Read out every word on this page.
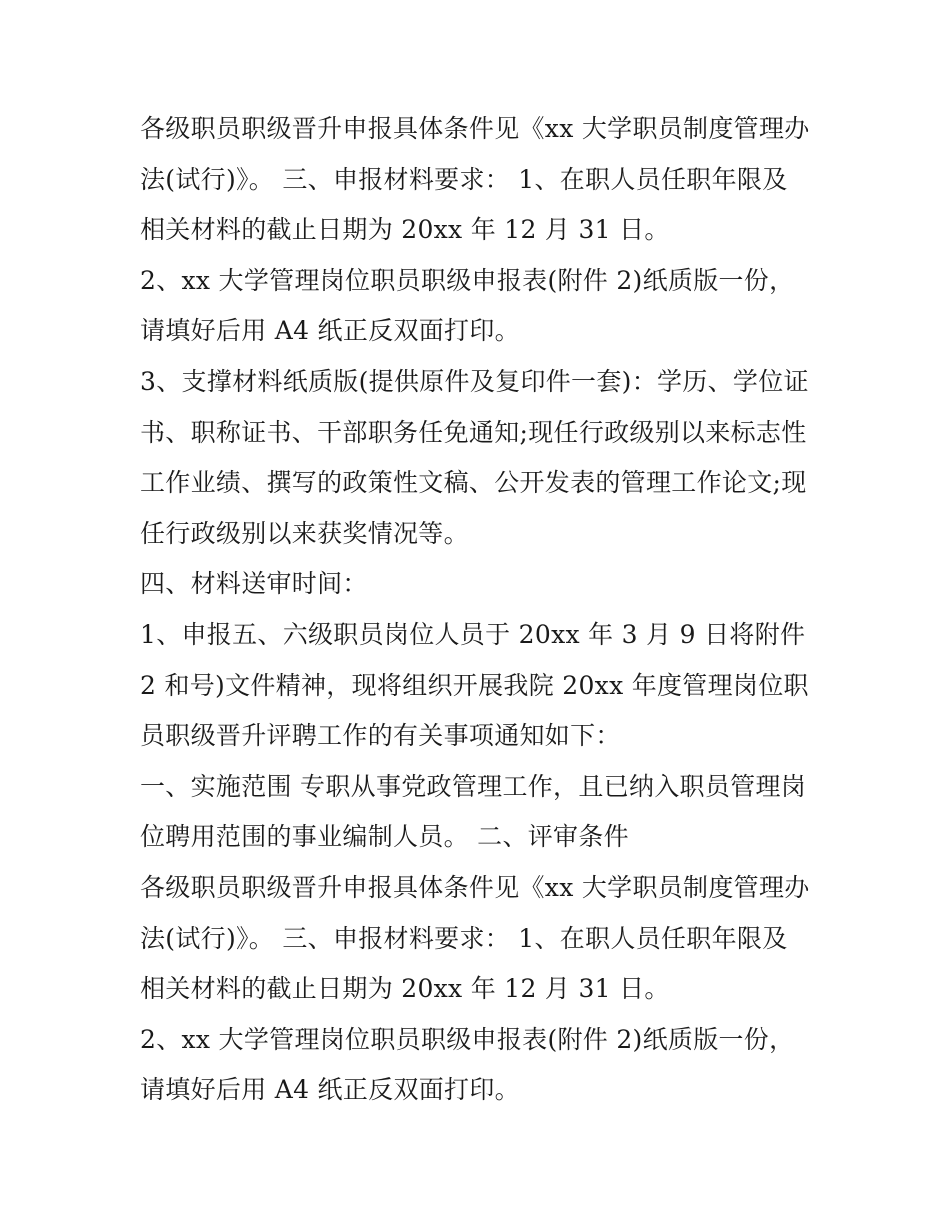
各级职员职级晋升申报具体条件见《xx 大学职员制度管理办法(试行)》。 三、申报材料要求： 1、在职人员任职年限及相关材料的截止日期为 20xx 年 12 月 31 日。

2、xx 大学管理岗位职员职级申报表(附件 2)纸质版一份，请填好后用 A4 纸正反双面打印。

3、支撑材料纸质版(提供原件及复印件一套)：学历、学位证书、职称证书、干部职务任免通知;现任行政级别以来标志性工作业绩、撰写的政策性文稿、公开发表的管理工作论文;现任行政级别以来获奖情况等。

四、材料送审时间：

1、申报五、六级职员岗位人员于 20xx 年 3 月 9 日将附件 2 和号)文件精神，现将组织开展我院 20xx 年度管理岗位职员职级晋升评聘工作的有关事项通知如下：

一、实施范围 专职从事党政管理工作，且已纳入职员管理岗位聘用范围的事业编制人员。 二、评审条件

各级职员职级晋升申报具体条件见《xx 大学职员制度管理办法(试行)》。 三、申报材料要求： 1、在职人员任职年限及相关材料的截止日期为 20xx 年 12 月 31 日。

2、xx 大学管理岗位职员职级申报表(附件 2)纸质版一份，请填好后用 A4 纸正反双面打印。
